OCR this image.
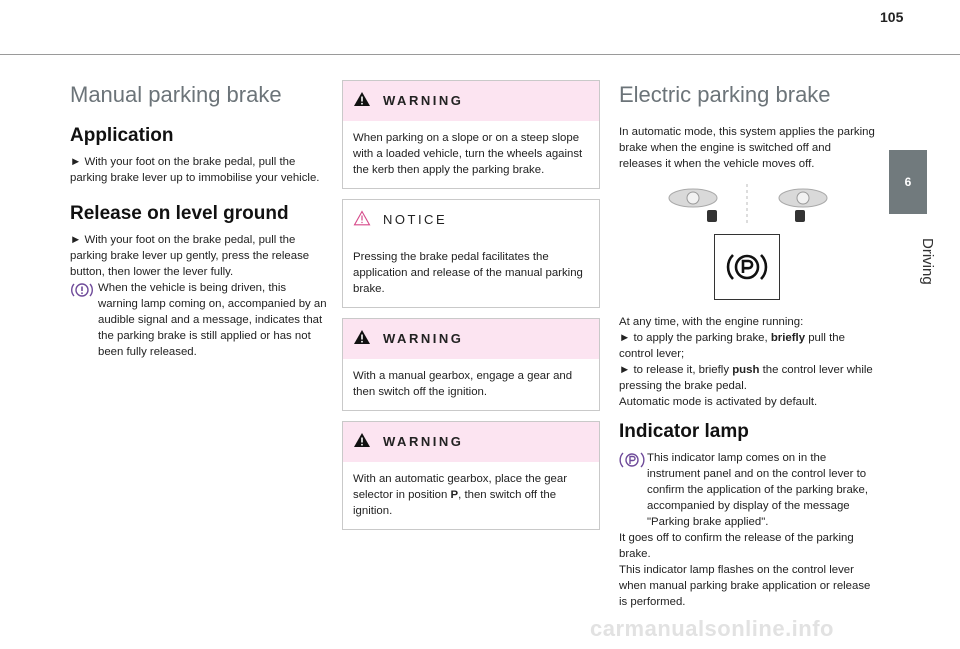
105
6
Driving
Manual parking brake
Application

► With your foot on the brake pedal, pull the parking brake lever up to immobilise your vehicle.

Release on level ground

► With your foot on the brake pedal, pull the parking brake lever up gently, press the release button, then lower the lever fully.

When the vehicle is being driven, this warning lamp coming on, accompanied by an audible signal and a message, indicates that the parking brake is still applied or has not been fully released.
WARNING
When parking on a slope or on a steep slope with a loaded vehicle, turn the wheels against the kerb then apply the parking brake.
NOTICE
Pressing the brake pedal facilitates the application and release of the manual parking brake.
WARNING
With a manual gearbox, engage a gear and then switch off the ignition.
WARNING
With an automatic gearbox, place the gear selector in position P, then switch off the ignition.
Electric parking brake

In automatic mode, this system applies the parking brake when the engine is switched off and releases it when the vehicle moves off.

At any time, with the engine running:
► to apply the parking brake, briefly pull the control lever;
► to release it, briefly push the control lever while pressing the brake pedal.
Automatic mode is activated by default.
Indicator lamp
This indicator lamp comes on in the instrument panel and on the control lever to confirm the application of the parking brake, accompanied by display of the message "Parking brake applied".
It goes off to confirm the release of the parking brake.
This indicator lamp flashes on the control lever when manual parking brake application or release is performed.
carmanualsonline.info
